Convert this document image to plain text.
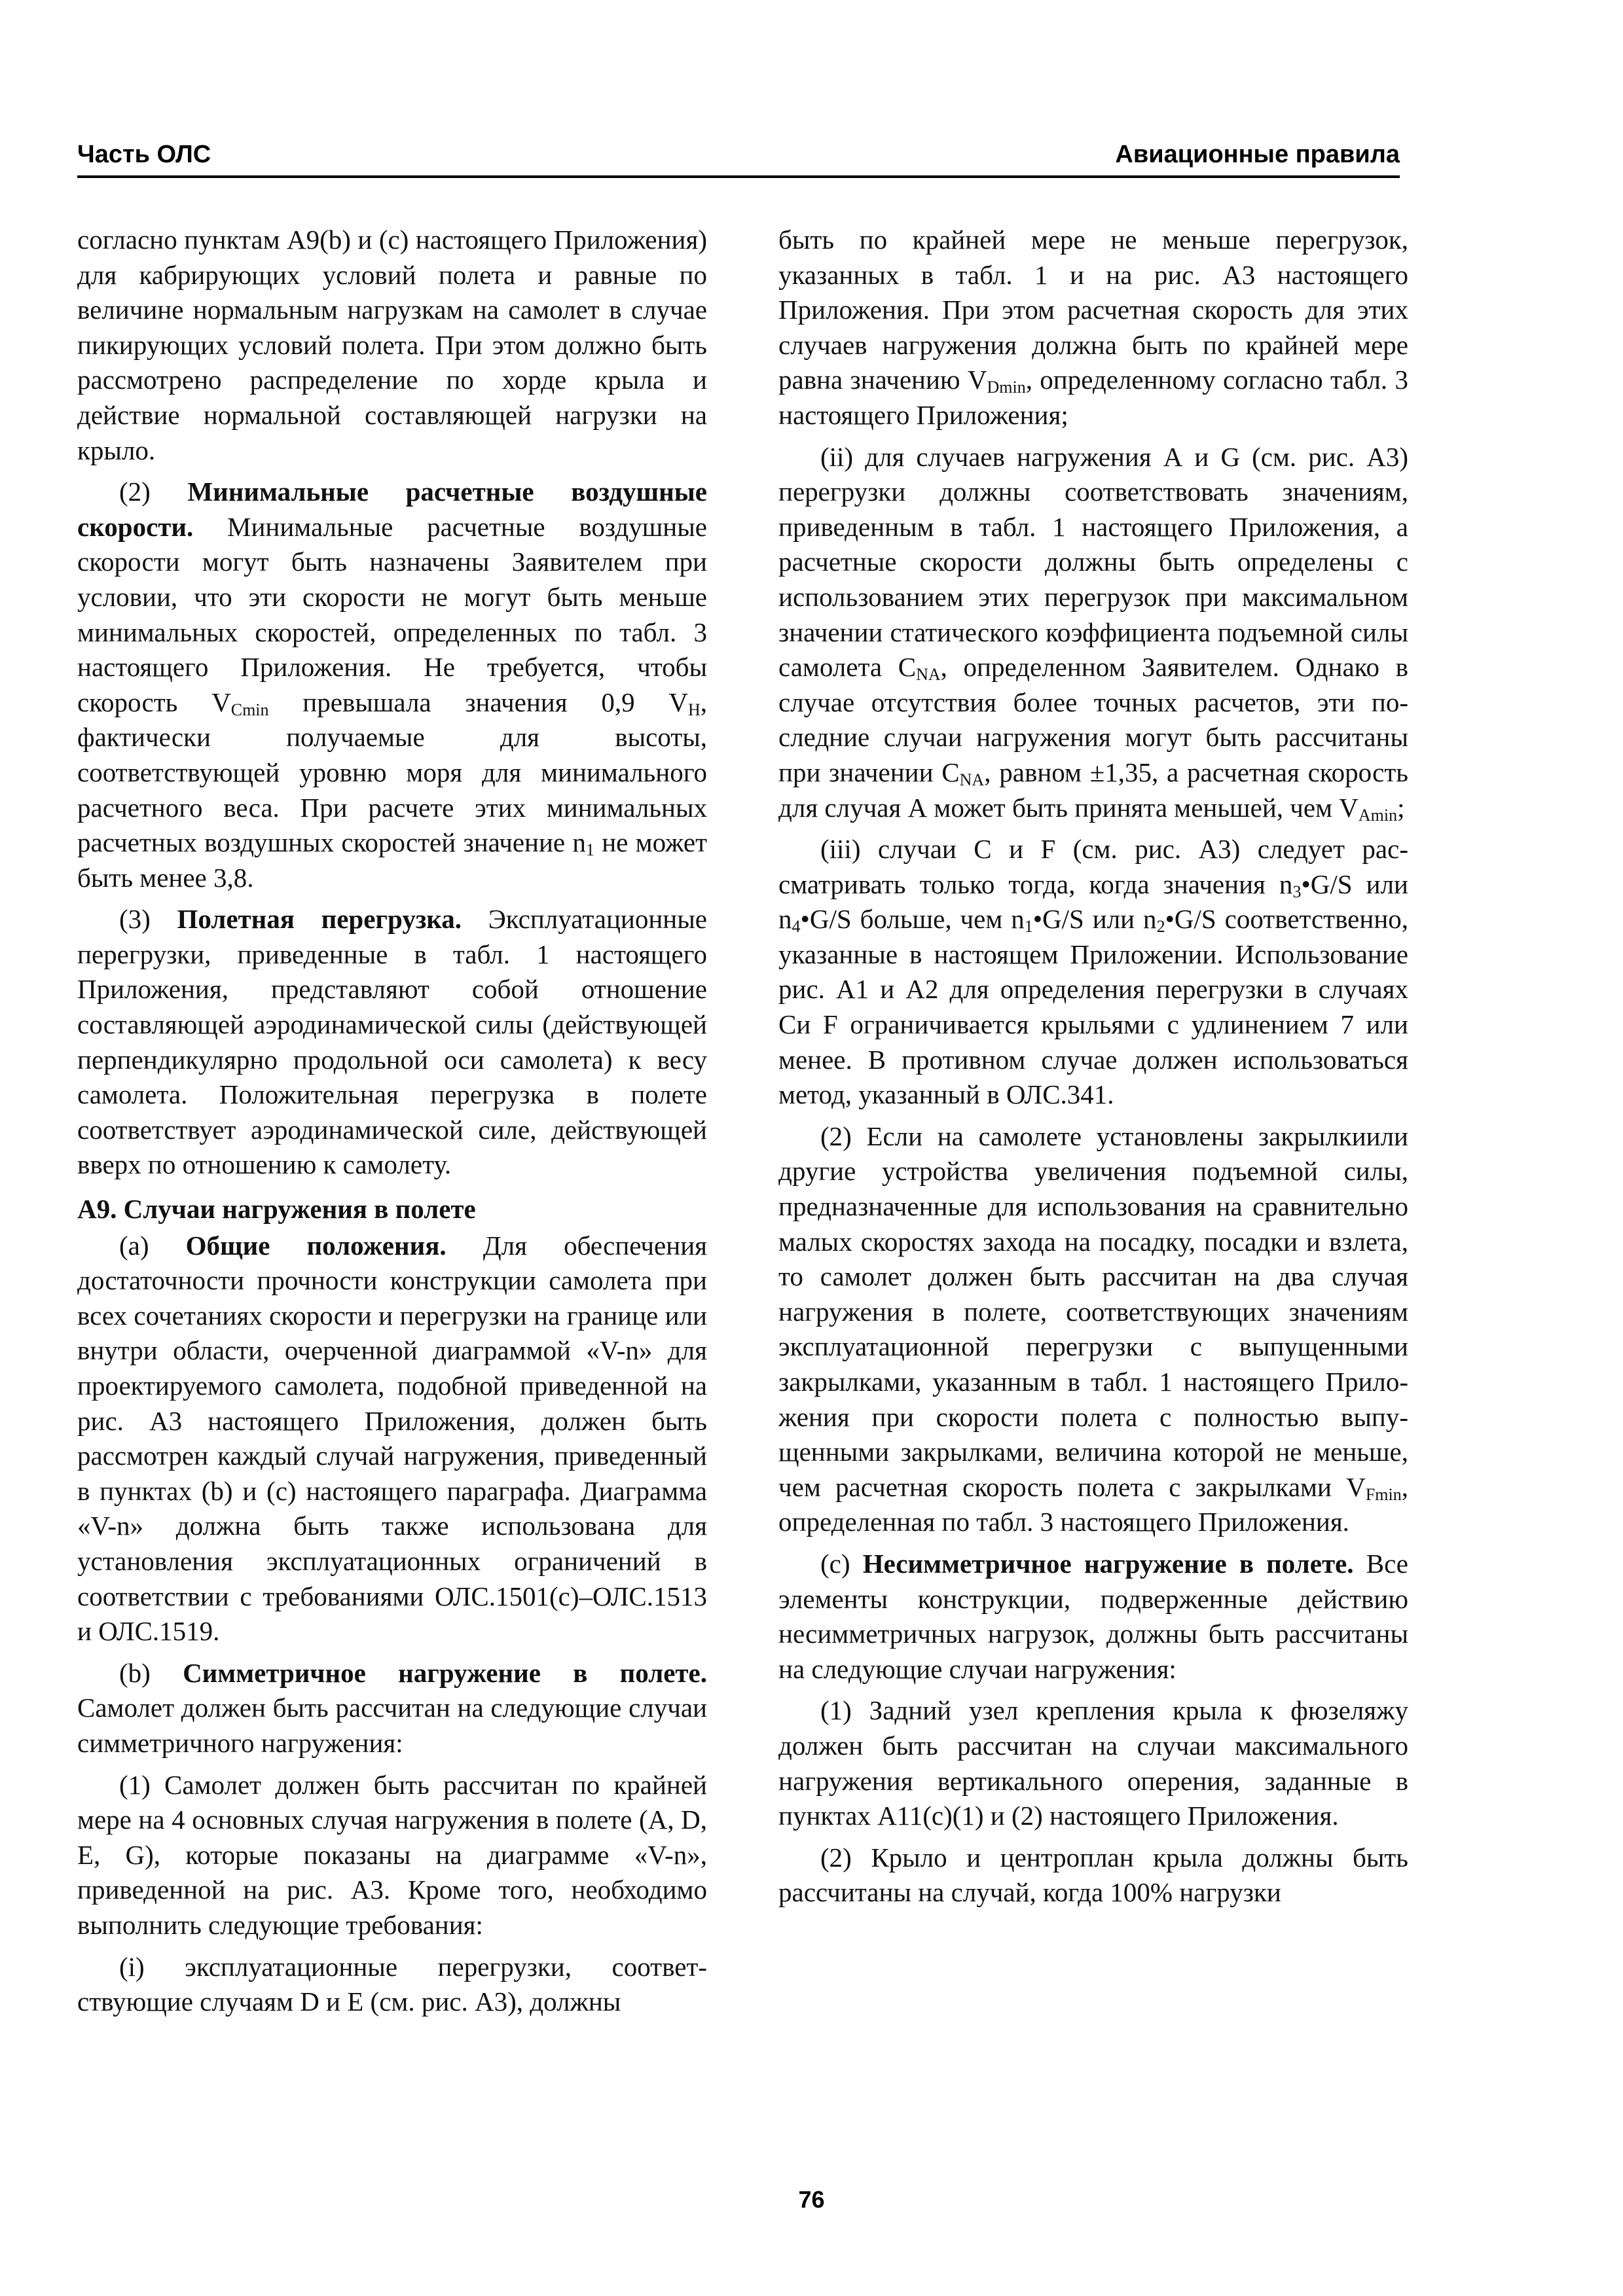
Часть ОЛС	Авиационные правила

согласно пунктам А9(b) и (с) настоящего Приложения) для кабрирующих условий полета и равные по величине нормальным нагрузкам на самолет в случае пикирующих условий полета. При этом должно быть рассмотрено распределение по хорде крыла и действие нормальной составляющей нагрузки на крыло.

(2) Минимальные расчетные воздушные скорости. Минимальные расчетные воздушные скорости могут быть назначены Заявителем при условии, что эти скорости не могут быть меньше минимальных скоростей, определенных по табл. 3 настоящего Приложения. Не требуется, чтобы скорость $V_{Cmin}$ превышала значения 0,9 $V_H$, фактически получаемые для высоты, соответствующей уровню моря для минимального расчетного веса. При расчете этих минимальных расчетных воздушных скоростей значение $n_1$ не может быть менее 3,8.

(3) Полетная перегрузка. Эксплуатационные перегрузки, приведенные в табл. 1 настоящего Приложения, представляют собой отношение составляющей аэродинамической силы (действующей перпендикулярно продольной оси самолета) к весу самолета. Положительная перегрузка в полете соответствует аэродинамической силе, действующей вверх по отношению к самолету.

А9. Случаи нагружения в полете

(a) Общие положения. Для обеспечения достаточности прочности конструкции самолета при всех сочетаниях скорости и перегрузки на границе или внутри области, очерченной диаграммой «V-n» для проектируемого самолета, подобной приведенной на рис. А3 настоящего Приложения, должен быть рассмотрен каждый случай нагружения, приведенный в пунктах (b) и (с) настоящего параграфа. Диаграмма «V-n» должна быть также использована для установления эксплуатационных ограничений в соответствии с требованиями ОЛС.1501(с)–ОЛС.1513 и ОЛС.1519.

(b) Симметричное нагружение в полете. Самолет должен быть рассчитан на следующие случаи симметричного нагружения:

(1) Самолет должен быть рассчитан по крайней мере на 4 основных случая нагружения в полете (А, D, Е, G), которые показаны на диаграмме «V-n», приведенной на рис. А3. Кроме того, необходимо выполнить следующие требования:

(i) эксплуатационные перегрузки, соответствующие случаям D и Е (см. рис. А3), должны

быть по крайней мере не меньше перегрузок, указанных в табл. 1 и на рис. А3 настоящего Приложения. При этом расчетная скорость для этих случаев нагружения должна быть по крайней мере равна значению $V_{Dmin}$, определенному согласно табл. 3 настоящего Приложения;

(ii) для случаев нагружения А и G (см. рис. А3) перегрузки должны соответствовать значениям, приведенным в табл. 1 настоящего Приложения, а расчетные скорости должны быть определены с использованием этих перегрузок при максимальном значении статического коэффициента подъемной силы самолета $С_{NA}$, определенном Заявителем. Однако в случае отсутствия более точных расчетов, эти последние случаи нагружения могут быть рассчитаны при значении $С_{NA}$, равном ±1,35, а расчетная скорость для случая А может быть принята меньшей, чем $V_{Amin}$;

(iii) случаи С и F (см. рис. А3) следует рассматривать только тогда, когда значения $n_3•G/S$ или $n_4•G/S$ больше, чем $n_1•G/S$ или $n_2•G/S$ соответственно, указанные в настоящем Приложении. Использование рис. А1 и А2 для определения перегрузки в случаях Си F ограничивается крыльями с удлинением 7 или менее. В противном случае должен использоваться метод, указанный в ОЛС.341.

(2) Если на самолете установлены закрылкиили другие устройства увеличения подъемной силы, предназначенные для использования на сравнительно малых скоростях захода на посадку, посадки и взлета, то самолет должен быть рассчитан на два случая нагружения в полете, соответствующих значениям эксплуатационной перегрузки с выпущенными закрылками, указанным в табл. 1 настоящего Приложения при скорости полета с полностью выпущенными закрылками, величина которой не меньше, чем расчетная скорость полета с закрылками $V_{Fmin}$, определенная по табл. 3 настоящего Приложения.

(с) Несимметричное нагружение в полете. Все элементы конструкции, подверженные действию несимметричных нагрузок, должны быть рассчитаны на следующие случаи нагружения:

(1) Задний узел крепления крыла к фюзеляжу должен быть рассчитан на случаи максимального нагружения вертикального оперения, заданные в пунктах А11(с)(1) и (2) настоящего Приложения.

(2) Крыло и центроплан крыла должны быть рассчитаны на случай, когда 100% нагрузки

76
